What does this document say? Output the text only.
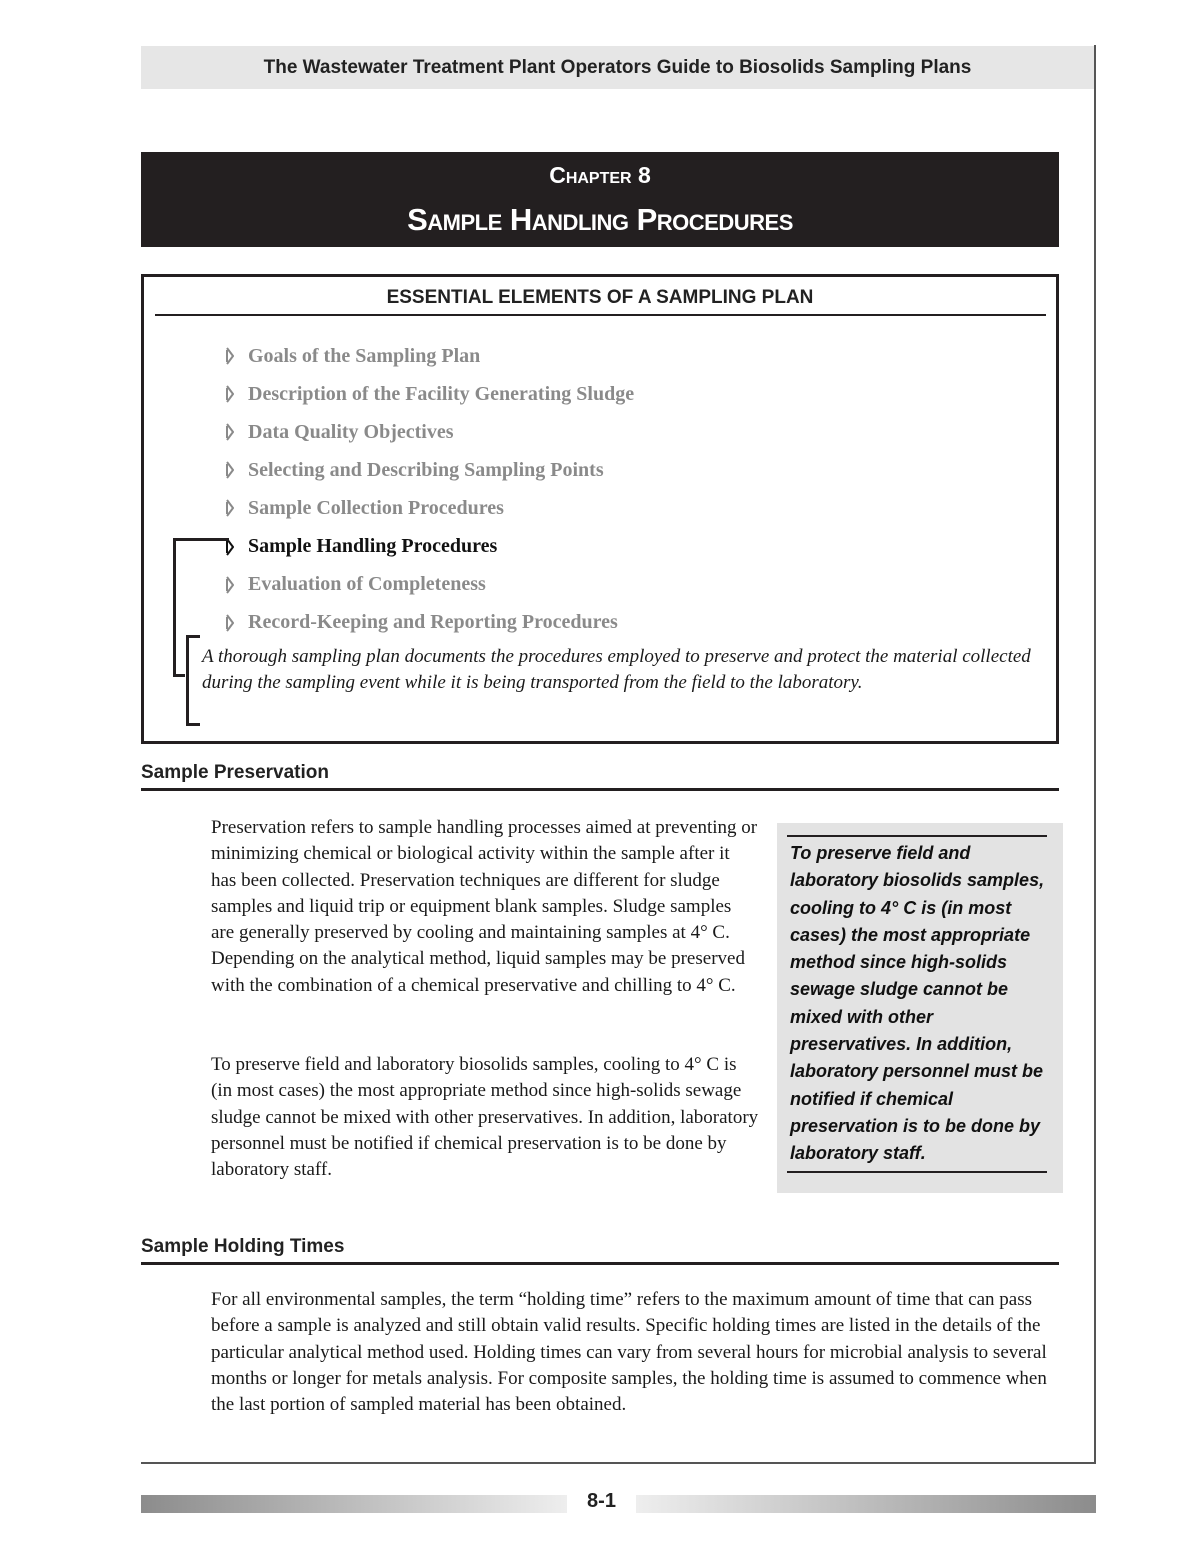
The Wastewater Treatment Plant Operators Guide to Biosolids Sampling Plans
Chapter 8
Sample Handling Procedures
ESSENTIAL ELEMENTS OF A SAMPLING PLAN
Goals of the Sampling Plan
Description of the Facility Generating Sludge
Data Quality Objectives
Selecting and Describing Sampling Points
Sample Collection Procedures
Sample Handling Procedures
Evaluation of Completeness
Record-Keeping and Reporting Procedures
A thorough sampling plan documents the procedures employed to preserve and protect the material collected during the sampling event while it is being transported from the field to the laboratory.
Sample Preservation

Preservation refers to sample handling processes aimed at preventing or minimizing chemical or biological activity within the sample after it has been collected. Preservation techniques are different for sludge samples and liquid trip or equipment blank samples. Sludge samples are generally preserved by cooling and maintaining samples at 4° C. Depending on the analytical method, liquid samples may be preserved with the combination of a chemical preservative and chilling to 4° C.

To preserve field and laboratory biosolids samples, cooling to 4° C is (in most cases) the most appropriate method since high-solids sewage sludge cannot be mixed with other preservatives. In addition, laboratory personnel must be notified if chemical preservation is to be done by laboratory staff.

To preserve field and laboratory biosolids samples, cooling to 4° C is (in most cases) the most appropriate method since high-solids sewage sludge cannot be mixed with other preservatives. In addition, laboratory personnel must be notified if chemical preservation is to be done by laboratory staff.
Sample Holding Times

For all environmental samples, the term “holding time” refers to the maximum amount of time that can pass before a sample is analyzed and still obtain valid results. Specific holding times are listed in the details of the particular analytical method used. Holding times can vary from several hours for microbial analysis to several months or longer for metals analysis. For composite samples, the holding time is assumed to commence when the last portion of sampled material has been obtained.

8-1
